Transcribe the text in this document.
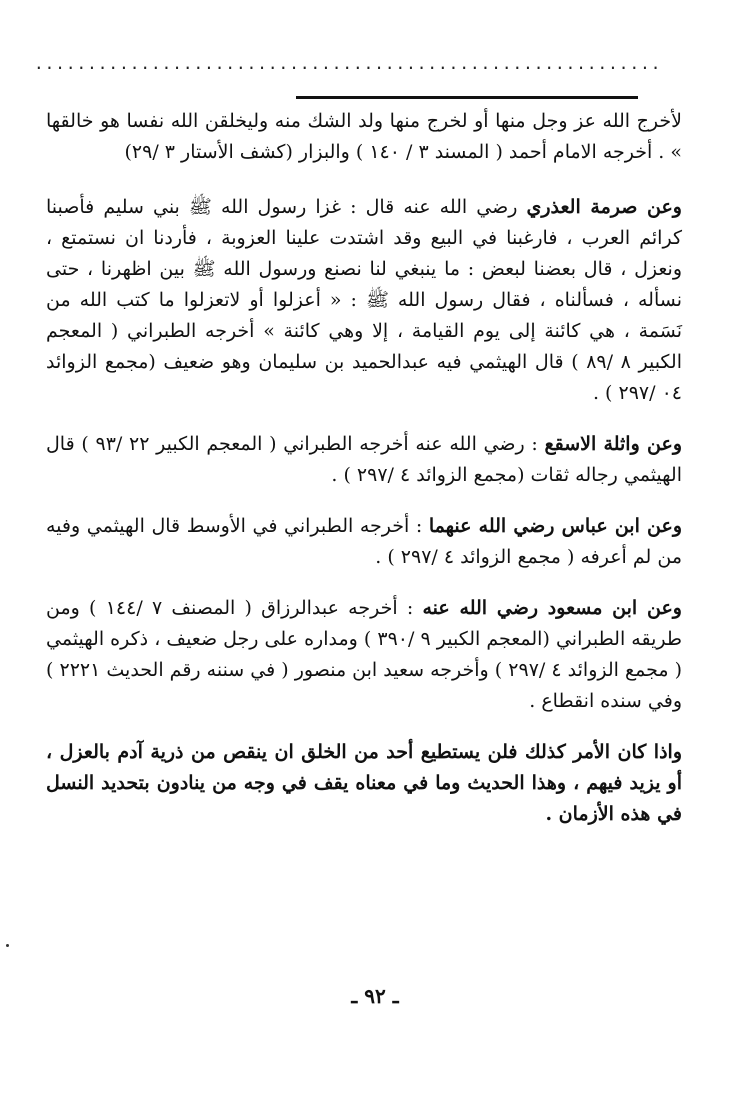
...........................................................

لأخرج الله عز وجل منها أو لخرج منها ولد الشك منه وليخلقن الله نفسا هو خالقها » . أخرجه الامام أحمد ( المسند ٣ / ١٤٠ ) والبزار (كشف الأستار ٣ /٢٩)

وعن صرمة العذري رضي الله عنه قال : غزا رسول الله ﷺ بني سليم فأصبنا كرائم العرب ، فارغبنا في البيع وقد اشتدت علينا العزوبة ، فأردنا ان نستمتع ، ونعزل ، قال بعضنا لبعض : ما ينبغي لنا نصنع ورسول الله ﷺ بين اظهرنا ، حتى نسأله ، فسألناه ، فقال رسول الله ﷺ : « أعزلوا أو لاتعزلوا ما كتب الله من نَسَمة ، هي كائنة إلى يوم القيامة ، إلا وهي كائنة » أخرجه الطبراني ( المعجم الكبير ٨ /٨٩ ) قال الهيثمي فيه عبدالحميد بن سليمان وهو ضعيف (مجمع الزوائد ٠٤ /٢٩٧ ) .

وعن واثلة الاسقع : رضي الله عنه أخرجه الطبراني ( المعجم الكبير ٢٢ /٩٣ ) قال الهيثمي رجاله ثقات (مجمع الزوائد ٤ /٢٩٧ ) .

وعن ابن عباس رضي الله عنهما : أخرجه الطبراني في الأوسط قال الهيثمي وفيه من لم أعرفه ( مجمع الزوائد ٤ /٢٩٧ ) .

وعن ابن مسعود رضي الله عنه : أخرجه عبدالرزاق ( المصنف ٧ /١٤٤ ) ومن طريقه الطبراني (المعجم الكبير ٩ /٣٩٠ ) ومداره على رجل ضعيف ، ذكره الهيثمي ( مجمع الزوائد ٤ /٢٩٧ ) وأخرجه سعيد ابن منصور ( في سننه رقم الحديث ٢٢٢١ ) وفي سنده انقطاع .

واذا كان الأمر كذلك فلن يستطيع أحد من الخلق ان ينقص من ذرية آدم بالعزل ، أو يزيد فيهم ، وهذا الحديث وما في معناه يقف في وجه من ينادون بتحديد النسل في هذه الأزمان .

ـ ٩٢ ـ
